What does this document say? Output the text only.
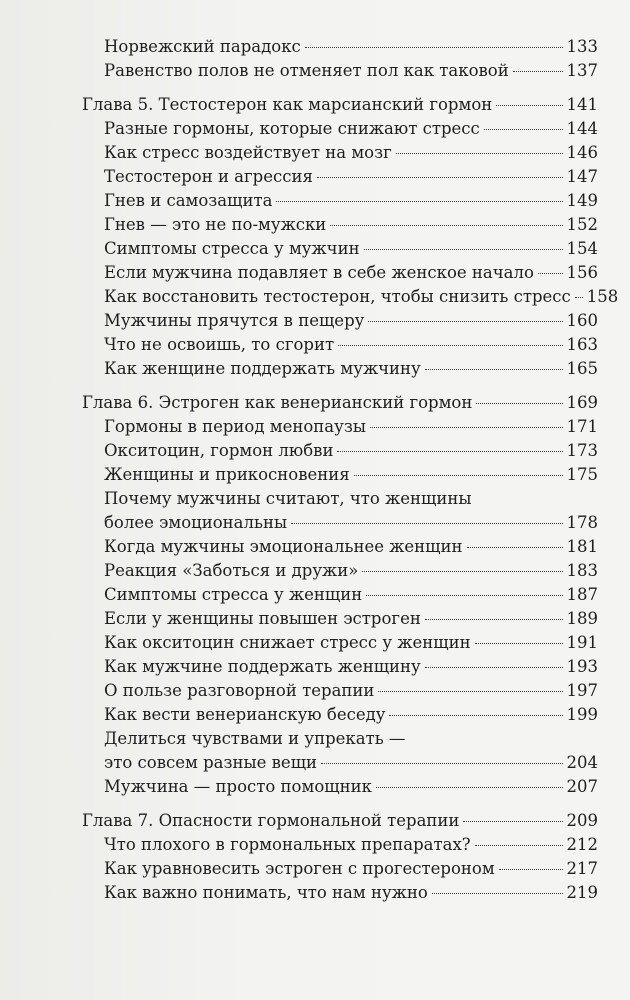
Норвежский парадокс	133
Равенство полов не отменяет пол как таковой	137
Глава 5. Тестостерон как марсианский гормон	141
Разные гормоны, которые снижают стресс	144
Как стресс воздействует на мозг	146
Тестостерон и агрессия	147
Гнев и самозащита	149
Гнев — это не по-мужски	152
Симптомы стресса у мужчин	154
Если мужчина подавляет в себе женское начало 156
Как восстановить тестостерон, чтобы снизить стресс 158
Мужчины прячутся в пещеру	160
Что не освоишь, то сгорит	163
Как женщине поддержать мужчину	165
Глава 6. Эстроген как венерианский гормон	169
Гормоны в период менопаузы	171
Окситоцин, гормон любви	173
Женщины и прикосновения	175
Почему мужчины считают, что женщины
более эмоциональны	178
Когда мужчины эмоциональнее женщин	181
Реакция «Заботься и дружи»	183
Симптомы стресса у женщин	187
Если у женщины повышен эстроген	189
Как окситоцин снижает стресс у женщин	191
Как мужчине поддержать женщину	193
О пользе разговорной терапии	197
Как вести венерианскую беседу	199
Делиться чувствами и упрекать —
это совсем разные вещи	204
Мужчина — просто помощник	207
Глава 7. Опасности гормональной терапии	209
Что плохого в гормональных препаратах?	212
Как уравновесить эстроген с прогестероном	217
Как важно понимать, что нам нужно	219
